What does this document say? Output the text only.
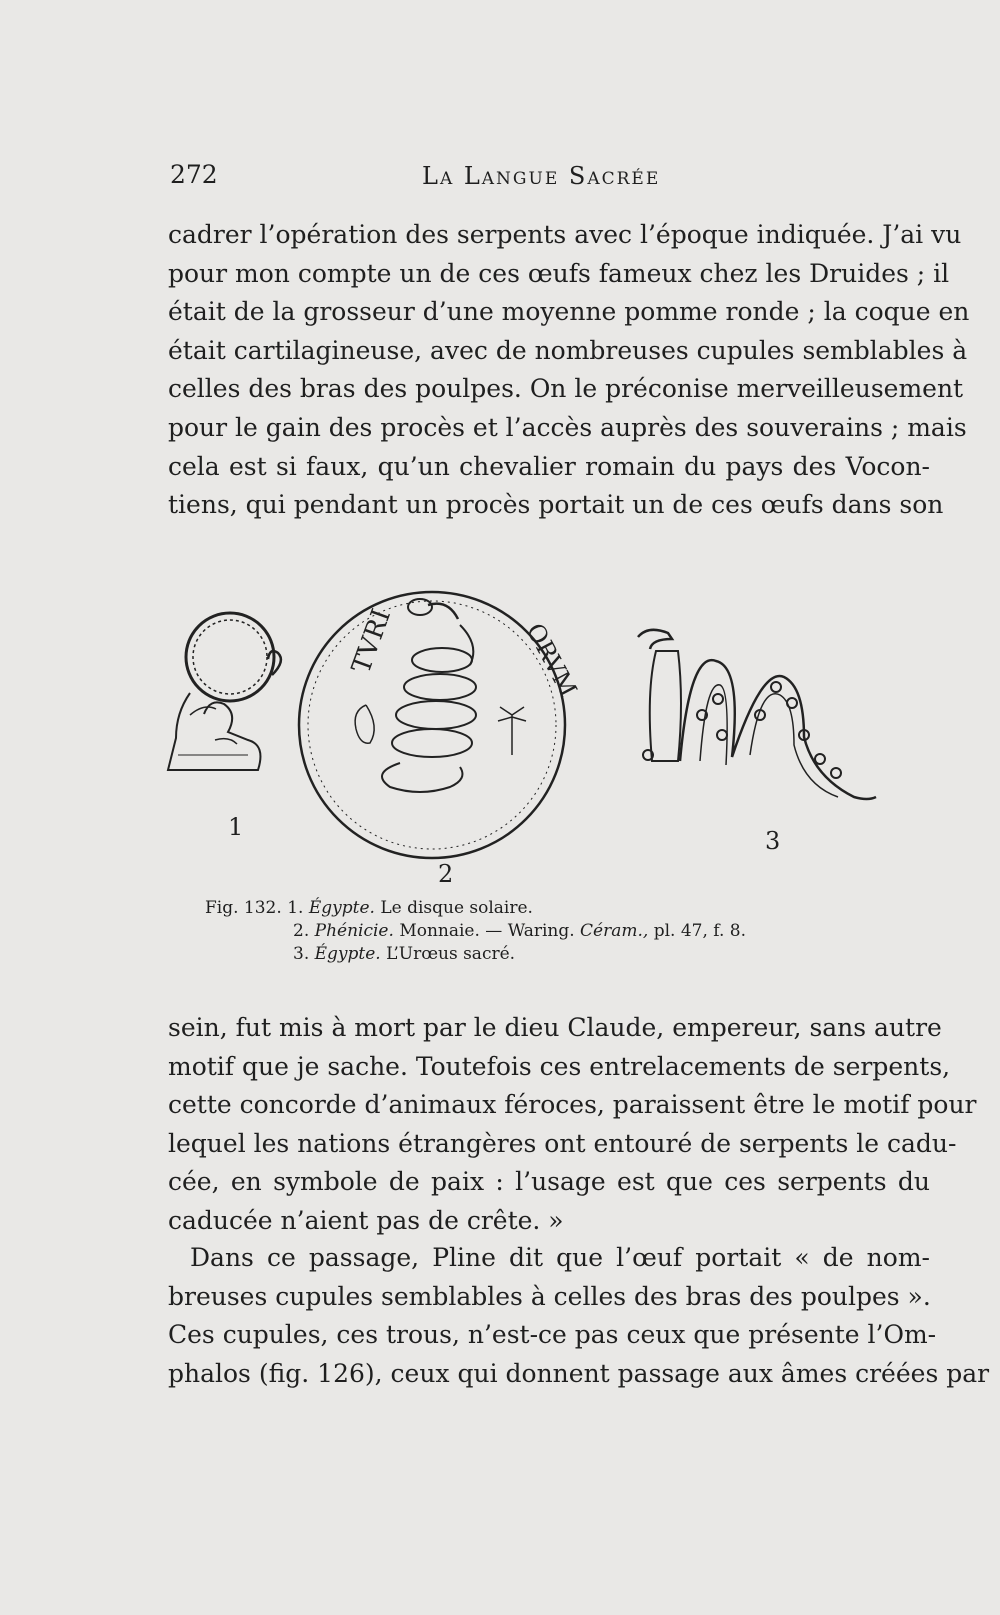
272	La Langue Sacrée
cadrer l’opération des serpents avec l’époque indiquée. J’ai vu
pour mon compte un de ces œufs fameux chez les Druides ; il
était de la grosseur d’une moyenne pomme ronde ; la coque en
était cartilagineuse, avec de nombreuses cupules semblables à
celles des bras des poulpes. On le préconise merveilleusement
pour le gain des procès et l’accès auprès des souverains ; mais
cela est si faux, qu’un chevalier romain du pays des Vocon-
tiens, qui pendant un procès portait un de ces œufs dans son
TVRI	ORVM
1
2
3
Fig. 132. 1. Égypte. Le disque solaire.
2. Phénicie. Monnaie. — Waring. Céram., pl. 47, f. 8.
3. Égypte. L’Urœus sacré.
sein, fut mis à mort par le dieu Claude, empereur, sans autre
motif que je sache. Toutefois ces entrelacements de serpents,
cette concorde d’animaux féroces, paraissent être le motif pour
lequel les nations étrangères ont entouré de serpents le cadu-
cée, en symbole de paix : l’usage est que ces serpents du
caducée n’aient pas de crête. »
Dans ce passage, Pline dit que l’œuf portait « de nom-
breuses cupules semblables à celles des bras des poulpes ».
Ces cupules, ces trous, n’est-ce pas ceux que présente l’Om-
phalos (fig. 126), ceux qui donnent passage aux âmes créées par
